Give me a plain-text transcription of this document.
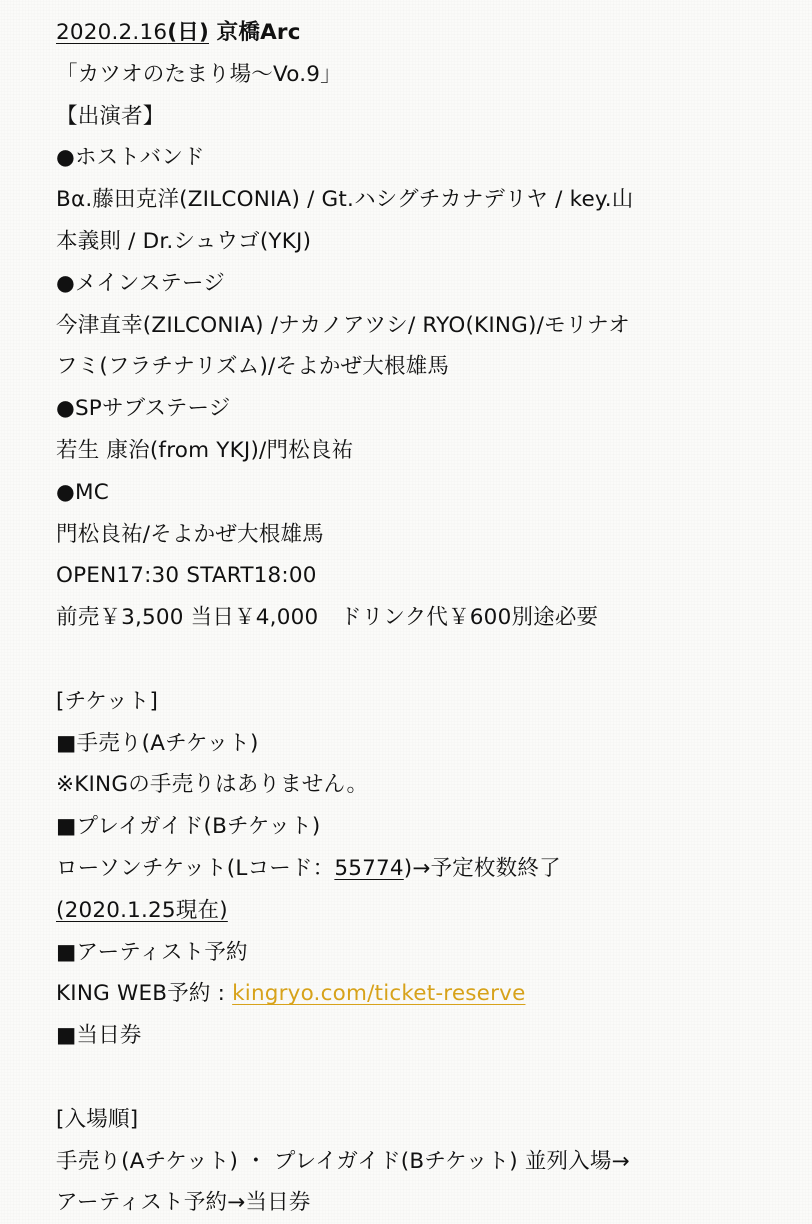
2020.2.16(日) 京橋Arc
「カツオのたまり場〜Vo.9」
【出演者】
●ホストバンド
Bα.藤田克洋(ZILCONIA) / Gt.ハシグチカナデリヤ / key.山
本義則 / Dr.シュウゴ(YKJ)
●メインステージ
今津直幸(ZILCONIA) /ナカノアツシ/ RYO(KING)/モリナオ
フミ(フラチナリズム)/そよかぜ大根雄馬
●SPサブステージ
若生 康治(from YKJ)/門松良祐
●MC
門松良祐/そよかぜ大根雄馬
OPEN17:30 START18:00
前売￥3,500 当日￥4,000　ドリンク代￥600別途必要
[チケット]
■手売り(Aチケット)
※KINGの手売りはありません。
■プレイガイド(Bチケット)
ローソンチケット(Lコード：55774)→予定枚数終了
(2020.1.25現在)
■アーティスト予約
KING WEB予約 : kingryo.com/ticket-reserve
■当日券
[入場順]
手売り(Aチケット) ・ プレイガイド(Bチケット) 並列入場→
アーティスト予約→当日券
